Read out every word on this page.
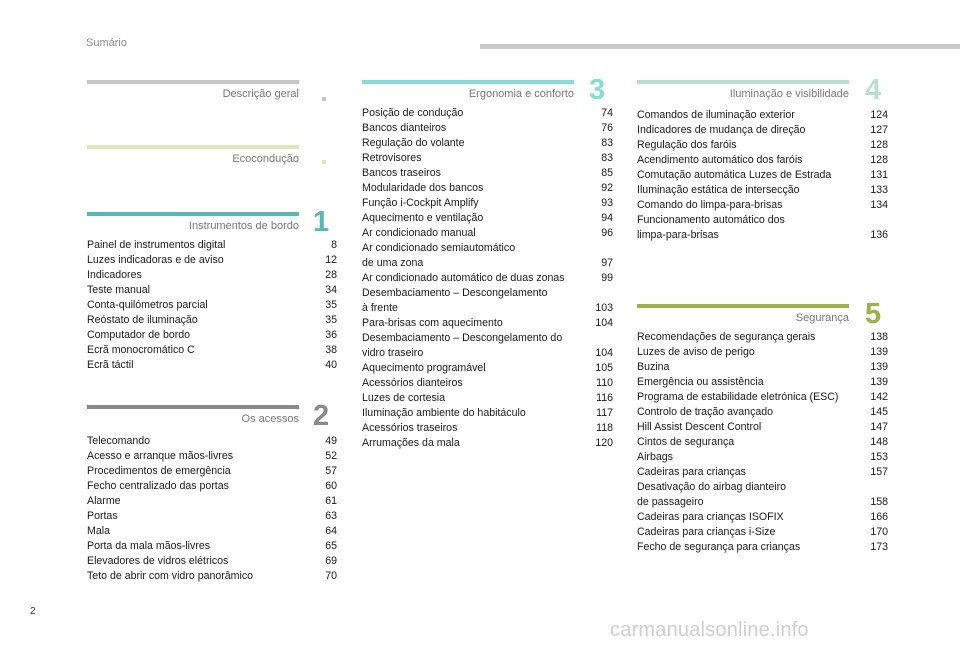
Sumário
Descrição geral
Ecocondução
Instrumentos de bordo 1
Painel de instrumentos digital	8
Luzes indicadoras e de aviso	12
Indicadores	28
Teste manual	34
Conta-quilómetros parcial	35
Reóstato de iluminação	35
Computador de bordo	36
Ecrã monocromático C	38
Ecrã táctil	40
Os acessos 2
Telecomando	49
Acesso e arranque mãos-livres	52
Procedimentos de emergência	57
Fecho centralizado das portas	60
Alarme	61
Portas	63
Mala	64
Porta da mala mãos-livres	65
Elevadores de vidros elétricos	69
Teto de abrir com vidro panorâmico	70
Ergonomia e conforto 3
Posição de condução	74
Bancos dianteiros	76
Regulação do volante	83
Retrovisores	83
Bancos traseiros	85
Modularidade dos bancos	92
Função i-Cockpit Amplify	93
Aquecimento e ventilação	94
Ar condicionado manual	96
Ar condicionado semiautomático
de uma zona	97
Ar condicionado automático de duas zonas	99
Desembaciamento – Descongelamento
à frente	103
Para-brisas com aquecimento	104
Desembaciamento – Descongelamento do
vidro traseiro	104
Aquecimento programável	105
Acessórios dianteiros	110
Luzes de cortesia	116
Iluminação ambiente do habitáculo	117
Acessórios traseiros	118
Arrumações da mala	120
Iluminação e visibilidade 4
Comandos de iluminação exterior	124
Indicadores de mudança de direção	127
Regulação dos faróis	128
Acendimento automático dos faróis	128
Comutação automática Luzes de Estrada	131
Iluminação estática de intersecção	133
Comando do limpa-para-brisas	134
Funcionamento automático dos
limpa-para-brisas	136
Segurança 5
Recomendações de segurança gerais	138
Luzes de aviso de perigo	139
Buzina	139
Emergência ou assistência	139
Programa de estabilidade eletrónica (ESC)	142
Controlo de tração avançado	145
Hill Assist Descent Control	147
Cintos de segurança	148
Airbags	153
Cadeiras para crianças	157
Desativação do airbag dianteiro
de passageiro	158
Cadeiras para crianças ISOFIX	166
Cadeiras para crianças i-Size	170
Fecho de segurança para crianças	173
2
carmanualsonline.info
